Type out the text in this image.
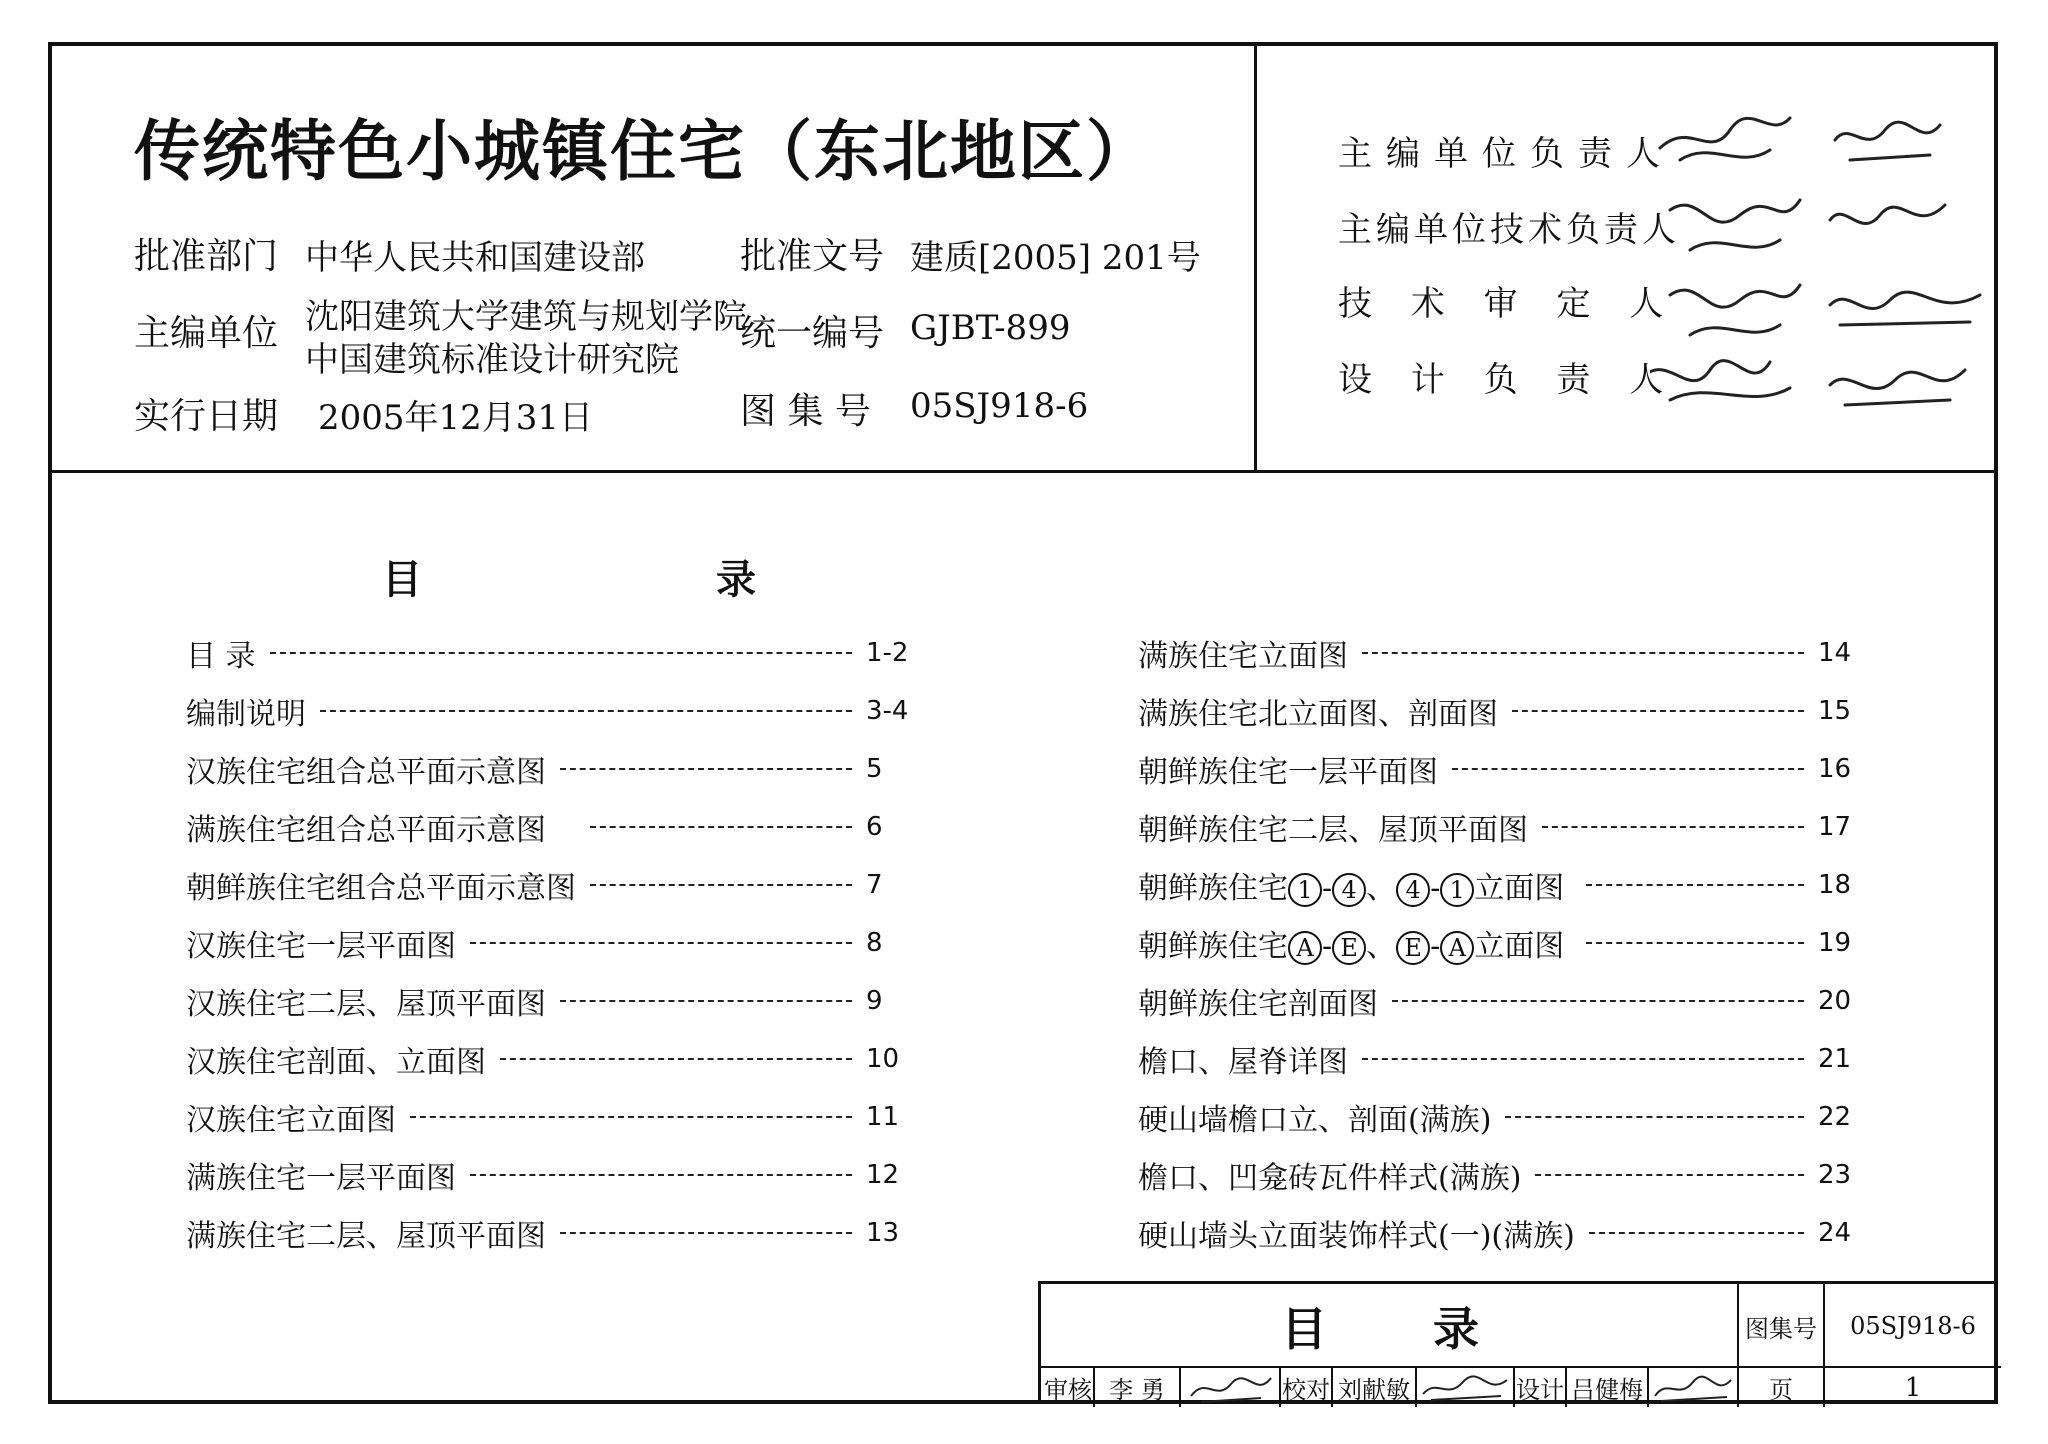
传统特色小城镇住宅（东北地区）
批准部门 中华人民共和国建设部	批准文号 建质[2005] 201号
主编单位 沈阳建筑大学建筑与规划学院
中国建筑标准设计研究院
统一编号 GJBT-899
实行日期 2005年12月31日	图 集 号 05SJ918-6
主编单位负责人
主编单位技术负责人
技 术 审 定 人
设 计 负 责 人
目	录
目 录	1-2
编制说明	3-4
汉族住宅组合总平面示意图	5
满族住宅组合总平面示意图	6
朝鲜族住宅组合总平面示意图	7
汉族住宅一层平面图	8
汉族住宅二层、屋顶平面图	9
汉族住宅剖面、立面图	10
汉族住宅立面图	11
满族住宅一层平面图	12
满族住宅二层、屋顶平面图	13
满族住宅立面图	14
满族住宅北立面图、剖面图	15
朝鲜族住宅一层平面图	16
朝鲜族住宅二层、屋顶平面图	17
朝鲜族住宅 1 - 4 、 4 - 1 立面图	18
朝鲜族住宅 A - E 、 E - A 立面图	19
朝鲜族住宅剖面图	20
檐口、屋脊详图	21
硬山墙檐口立、剖面(满族)	22
檐口、凹龛砖瓦件样式(满族)	23
硬山墙头立面装饰样式(一)(满族)	24
目 录	图集号	05SJ918-6
审核 李 勇	校对 刘献敏	设计 吕健梅	页	1
